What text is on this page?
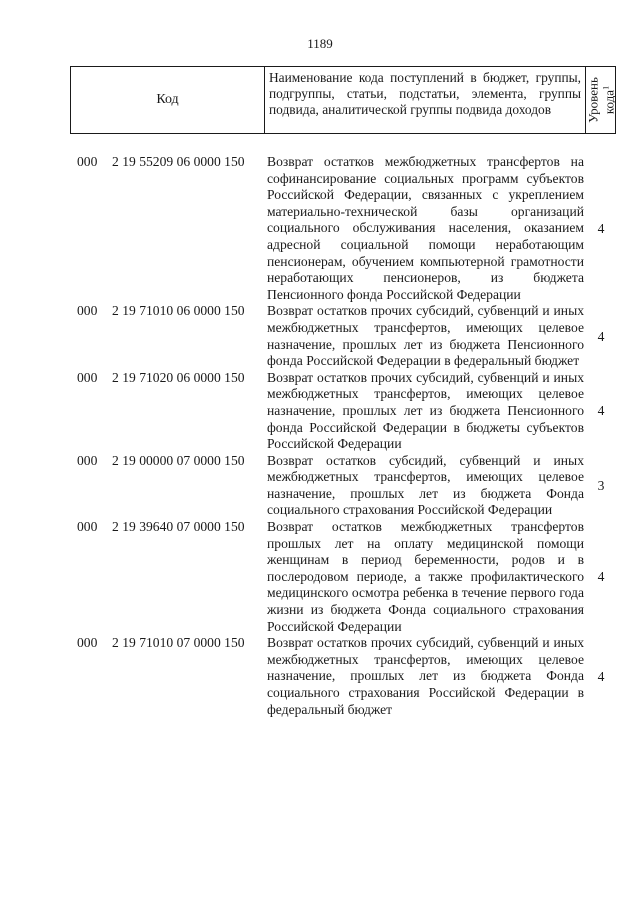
1189
Код
Наименование кода поступлений в бюджет, группы, подгруппы, статьи, подстатьи, элемента, группы подвида, аналитической группы подвида доходов	Уровень
кода$^1$
000 2 19 55209 06 0000 150 Возврат остатков межбюджетных трансфертов на софинансирование социальных программ субъектов Российской Федерации, связанных с укреплением материально-технической базы организаций социального обслуживания населения, оказанием адресной социальной помощи неработающим пенсионерам, обучением компьютерной грамотности неработающих пенсионеров, из бюджета Пенсионного фонда Российской Федерации
4
000 2 19 71010 06 0000 150 Возврат остатков прочих субсидий, субвенций и иных межбюджетных трансфертов, имеющих целевое назначение, прошлых лет из бюджета Пенсионного фонда Российской Федерации в федеральный бюджет
4
000 2 19 71020 06 0000 150 Возврат остатков прочих субсидий, субвенций и иных межбюджетных трансфертов, имеющих целевое назначение, прошлых лет из бюджета Пенсионного фонда Российской Федерации в бюджеты субъектов Российской Федерации
4
000 2 19 00000 07 0000 150 Возврат остатков субсидий, субвенций и иных межбюджетных трансфертов, имеющих целевое назначение, прошлых лет из бюджета Фонда социального страхования Российской Федерации
3
000 2 19 39640 07 0000 150 Возврат остатков межбюджетных трансфертов прошлых лет на оплату медицинской помощи женщинам в период беременности, родов и в послеродовом периоде, а также профилактического медицинского осмотра ребенка в течение первого года жизни из бюджета Фонда социального страхования Российской Федерации
4
000 2 19 71010 07 0000 150 Возврат остатков прочих субсидий, субвенций и иных межбюджетных трансфертов, имеющих целевое назначение, прошлых лет из бюджета Фонда социального страхования Российской Федерации в федеральный бюджет
4
